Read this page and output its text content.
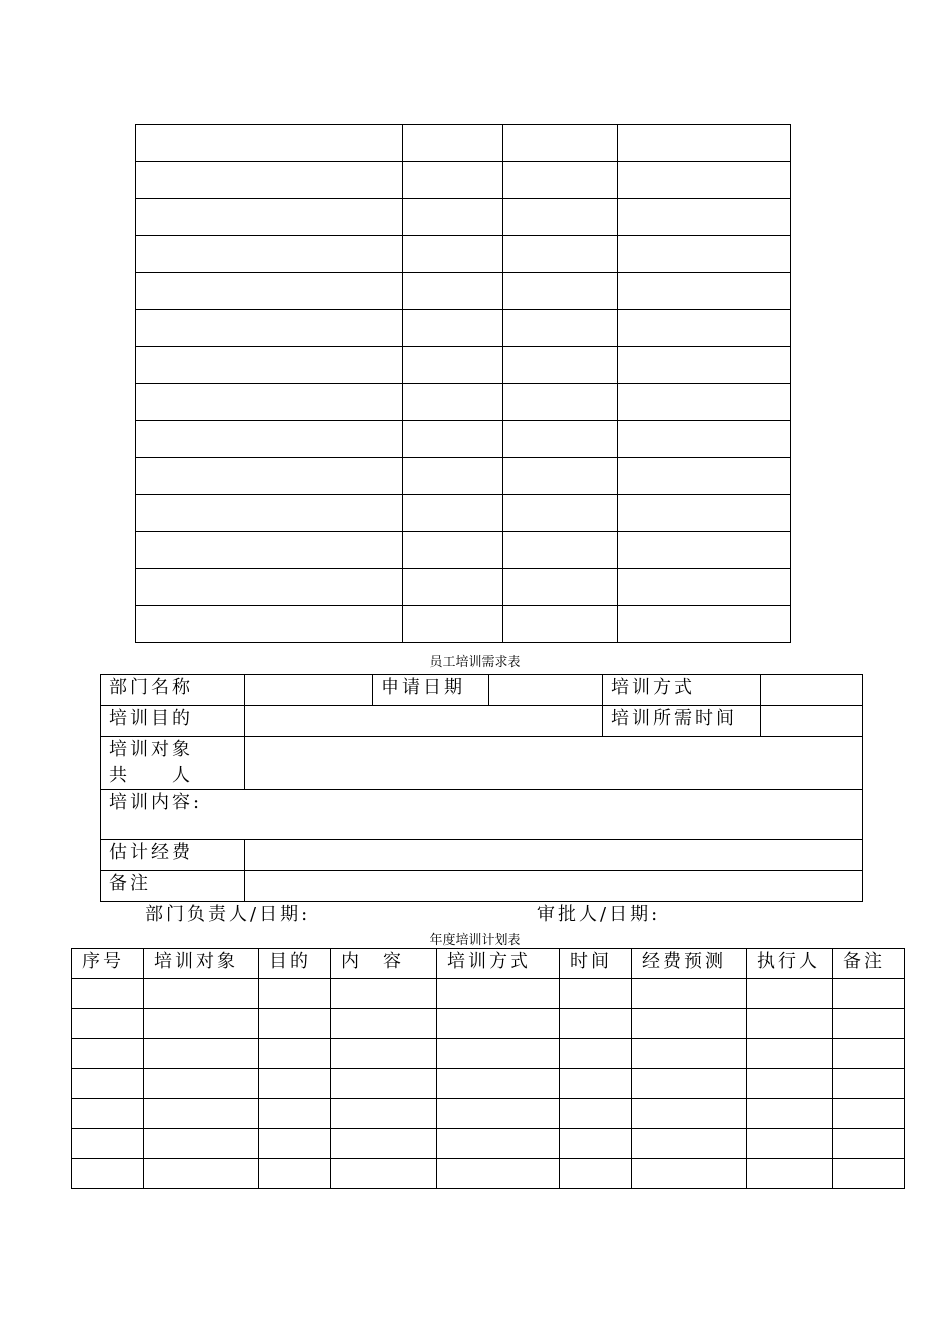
员工培训需求表
部门名称		申请日期		培训方式	
培训目的				培训所需时间	

培训对象
共　　人					

培训内容:					
估计经费					
备注					
部门负责人/日期:	审批人/日期:
年度培训计划表
序号	培训对象	目的	内　容	培训方式	时间	经费预测	执行人	备注
